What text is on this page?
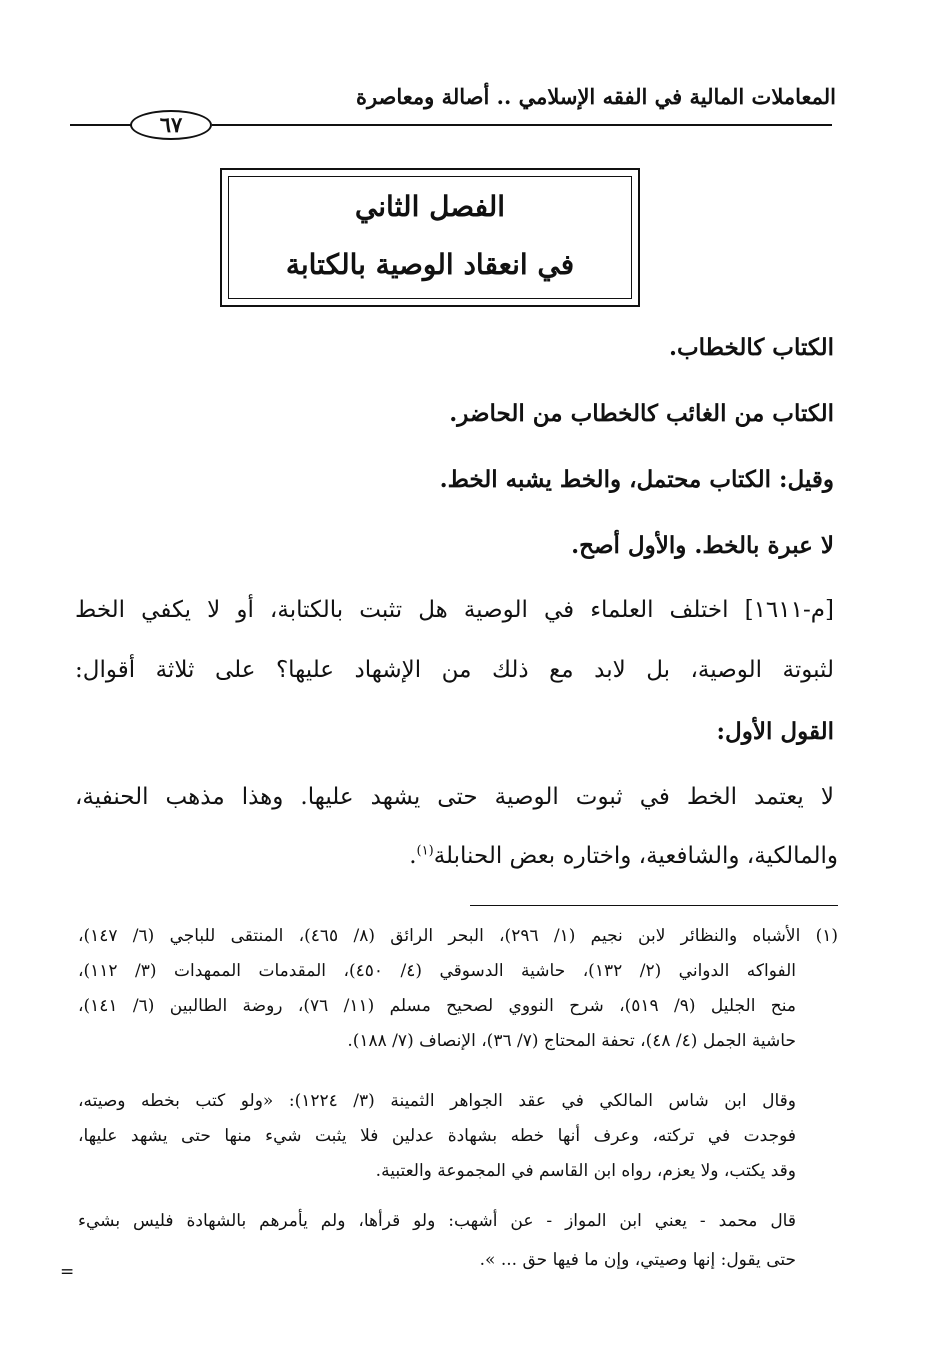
المعاملات المالية في الفقه الإسلامي .. أصالة ومعاصرة
٦٧
الفصل الثاني
في انعقاد الوصية بالكتابة
الكتاب كالخطاب.
الكتاب من الغائب كالخطاب من الحاضر.
وقيل: الكتاب محتمل، والخط يشبه الخط.
لا عبرة بالخط. والأول أصح.
[م-١٦١١] اختلف العلماء في الوصية هل تثبت بالكتابة، أو لا يكفي الخط
لثبوتة الوصية، بل لابد مع ذلك من الإشهاد عليها؟ على ثلاثة أقوال:
القول الأول:
لا يعتمد الخط في ثبوت الوصية حتى يشهد عليها. وهذا مذهب الحنفية،
والمالكية، والشافعية، واختاره بعض الحنابلة$^{(١)}$.
(١) الأشباه والنظائر لابن نجيم (١/ ٢٩٦)، البحر الرائق (٨/ ٤٦٥)، المنتقى للباجي (٦/ ١٤٧)،
الفواكه الدواني (٢/ ١٣٢)، حاشية الدسوقي (٤/ ٤٥٠)، المقدمات الممهدات (٣/ ١١٢)،
منح الجليل (٩/ ٥١٩)، شرح النووي لصحيح مسلم (١١/ ٧٦)، روضة الطالبين (٦/ ١٤١)،
حاشية الجمل (٤/ ٤٨)، تحفة المحتاج (٧/ ٣٦)، الإنصاف (٧/ ١٨٨).
وقال ابن شاس المالكي في عقد الجواهر الثمينة (٣/ ١٢٢٤): «ولو كتب بخطه وصيته،
فوجدت في تركته، وعرف أنها خطه بشهادة عدلين فلا يثبت شيء منها حتى يشهد عليها،
وقد يكتب، ولا يعزم، رواه ابن القاسم في المجموعة والعتبية.
قال محمد - يعني ابن المواز - عن أشهب: ولو قرأها، ولم يأمرهم بالشهادة فليس بشيء
حتى يقول: إنها وصيتي، وإن ما فيها حق ... ».
=
